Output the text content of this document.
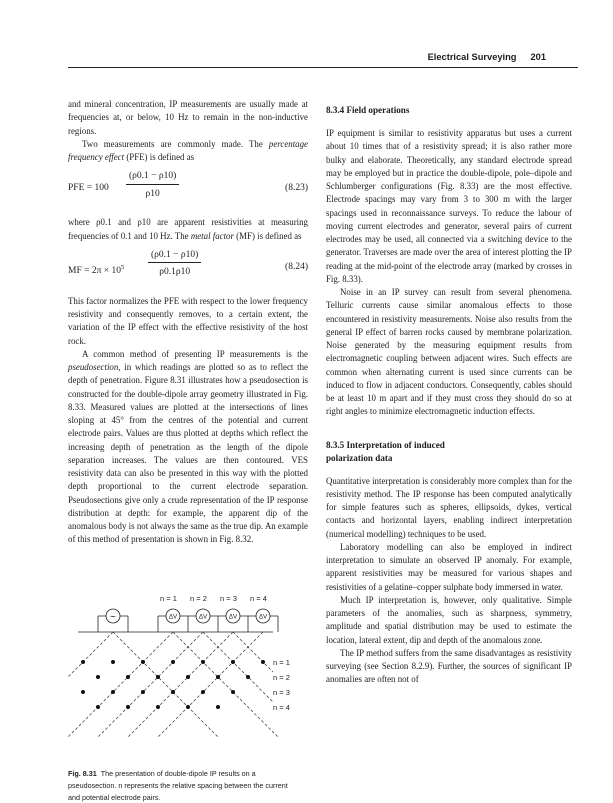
Electrical Surveying 201

and mineral concentration, IP measurements are usually made at frequencies at, or below, 10 Hz to remain in the non-inductive regions.

Two measurements are commonly made. The percentage frequency effect (PFE) is defined as

PFE = $100 \frac{(\rho 0.1 - \rho 10)}{\rho 10}$	(8.23)

where ρ0.1 and ρ10 are apparent resistivities at measuring frequencies of 0.1 and 10 Hz. The metal factor (MF) is defined as

MF = $2\pi \times 10^5$	$\frac{(\rho 0.1 - \rho 10)}{\rho 0.1\rho 10}$	(8.24)

This factor normalizes the PFE with respect to the lower frequency resistivity and consequently removes, to a certain extent, the variation of the IP effect with the effective resistivity of the host rock.

A common method of presenting IP measurements is the pseudosection, in which readings are plotted so as to reflect the depth of penetration. Figure 8.31 illustrates how a pseudosection is constructed for the double-dipole array geometry illustrated in Fig. 8.33. Measured values are plotted at the intersections of lines sloping at 45° from the centres of the potential and current electrode pairs. Values are thus plotted at depths which reflect the increasing depth of penetration as the length of the dipole separation increases. The values are then contoured. VES resistivity data can also be presented in this way with the plotted depth proportional to the current electrode separation. Pseudosections give only a crude representation of the IP response distribution at depth: for example, the apparent dip of the anomalous body is not always the same as the true dip. An example of this method of presentation is shown in Fig. 8.32.

n = 1 n = 2 n = 3 n = 4
∼	ΔV	ΔV	ΔV	ΔV
n = 1
n = 2
n = 3
n = 4
Fig. 8.31 The presentation of double-dipole IP results on a pseudosection. n represents the relative spacing between the current and potential electrode pairs.
8.3.4 Field operations

IP equipment is similar to resistivity apparatus but uses a current about 10 times that of a resistivity spread; it is also rather more bulky and elaborate. Theoretically, any standard electrode spread may be employed but in practice the double-dipole, pole–dipole and Schlumberger configurations (Fig. 8.33) are the most effective. Electrode spacings may vary from 3 to 300 m with the larger spacings used in reconnaissance surveys. To reduce the labour of moving current electrodes and generator, several pairs of current electrodes may be used, all connected via a switching device to the generator. Traverses are made over the area of interest plotting the IP reading at the mid-point of the electrode array (marked by crosses in Fig. 8.33).

Noise in an IP survey can result from several phenomena. Telluric currents cause similar anomalous effects to those encountered in resistivity measurements. Noise also results from the general IP effect of barren rocks caused by membrane polarization. Noise generated by the measuring equipment results from electromagnetic coupling between adjacent wires. Such effects are common when alternating current is used since currents can be induced to flow in adjacent conductors. Consequently, cables should be at least 10 m apart and if they must cross they should do so at right angles to minimize electromagnetic induction effects.

8.3.5 Interpretation of induced
polarization data

Quantitative interpretation is considerably more complex than for the resistivity method. The IP response has been computed analytically for simple features such as spheres, ellipsoids, dykes, vertical contacts and horizontal layers, enabling indirect interpretation (numerical modelling) techniques to be used.

Laboratory modelling can also be employed in indirect interpretation to simulate an observed IP anomaly. For example, apparent resistivities may be measured for various shapes and resistivities of a gelatine–copper sulphate body immersed in water.

Much IP interpretation is, however, only qualitative. Simple parameters of the anomalies, such as sharpness, symmetry, amplitude and spatial distribution may be used to estimate the location, lateral extent, dip and depth of the anomalous zone.

The IP method suffers from the same disadvantages as resistivity surveying (see Section 8.2.9). Further, the sources of significant IP anomalies are often not of
